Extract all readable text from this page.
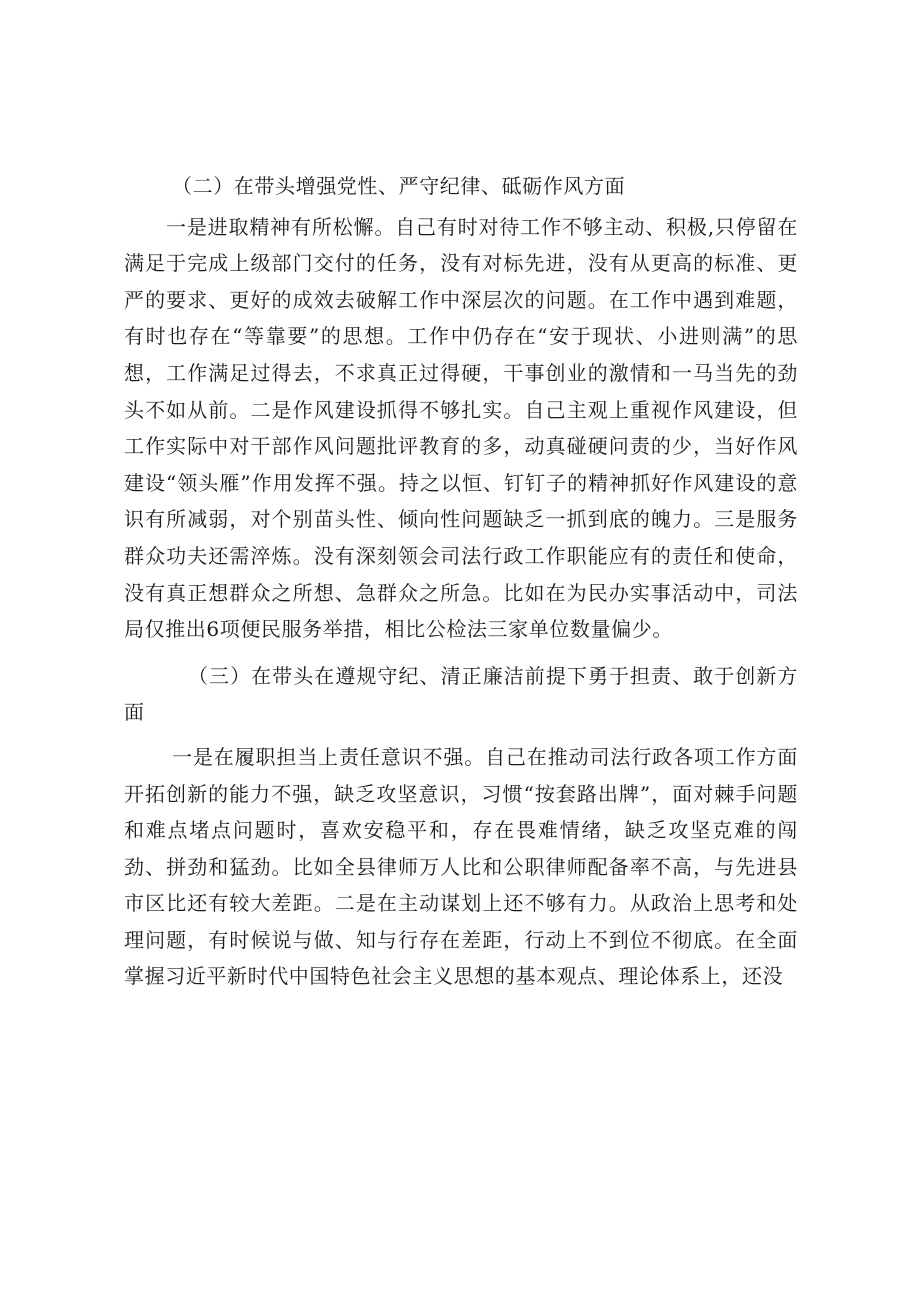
（二）在带头增强党性、严守纪律、砥砺作风方面

一是进取精神有所松懈。自己有时对待工作不够主动、积极,只停留在满足于完成上级部门交付的任务，没有对标先进，没有从更高的标准、更严的要求、更好的成效去破解工作中深层次的问题。在工作中遇到难题，有时也存在“等靠要”的思想。工作中仍存在“安于现状、小进则满”的思想，工作满足过得去，不求真正过得硬，干事创业的激情和一马当先的劲头不如从前。二是作风建设抓得不够扎实。自己主观上重视作风建设，但工作实际中对干部作风问题批评教育的多，动真碰硬问责的少，当好作风建设“领头雁”作用发挥不强。持之以恒、钉钉子的精神抓好作风建设的意识有所减弱，对个别苗头性、倾向性问题缺乏一抓到底的魄力。三是服务群众功夫还需淬炼。没有深刻领会司法行政工作职能应有的责任和使命，没有真正想群众之所想、急群众之所急。比如在为民办实事活动中，司法局仅推出6项便民服务举措，相比公检法三家单位数量偏少。

（三）在带头在遵规守纪、清正廉洁前提下勇于担责、敢于创新方面

一是在履职担当上责任意识不强。自己在推动司法行政各项工作方面开拓创新的能力不强，缺乏攻坚意识，习惯“按套路出牌”，面对棘手问题和难点堵点问题时，喜欢安稳平和，存在畏难情绪，缺乏攻坚克难的闯劲、拼劲和猛劲。比如全县律师万人比和公职律师配备率不高，与先进县市区比还有较大差距。二是在主动谋划上还不够有力。从政治上思考和处理问题，有时候说与做、知与行存在差距，行动上不到位不彻底。在全面掌握习近平新时代中国特色社会主义思想的基本观点、理论体系上，还没
